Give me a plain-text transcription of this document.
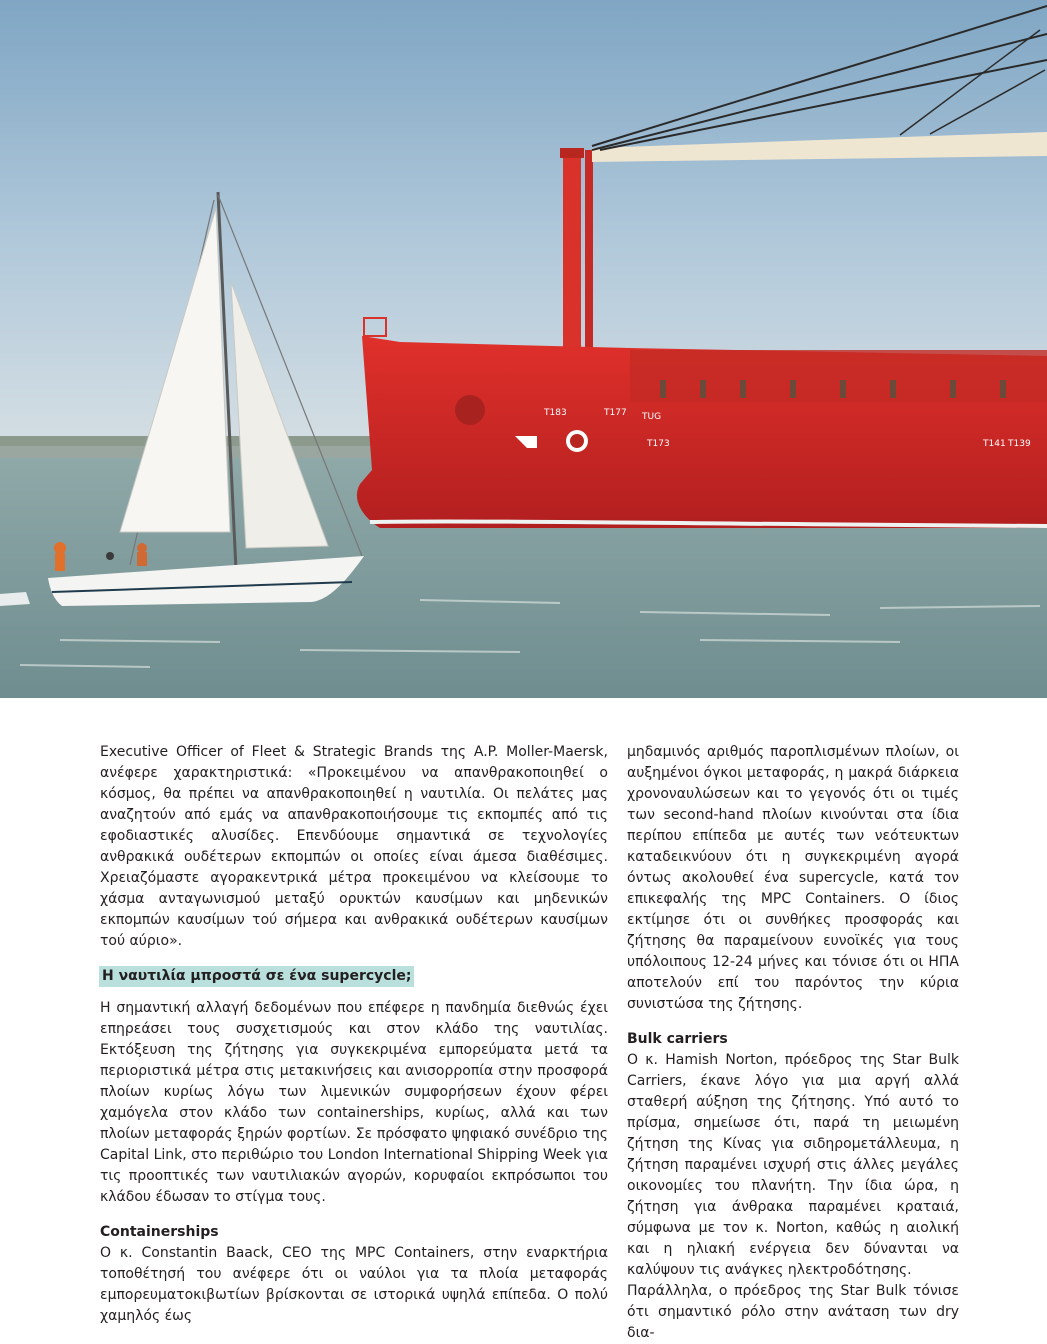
T183	T177 TUG
T173	T141 T139

Executive Officer of Fleet & Strategic Brands της A.P. Moller-Maersk, ανέφερε χαρακτηριστικά: «Προκειμένου να απανθρακοποιηθεί ο κόσμος, θα πρέπει να απανθρακοποιηθεί η ναυτιλία. Οι πελάτες μας αναζητούν από εμάς να απανθρακοποιήσουμε τις εκπομπές από τις εφοδιαστικές αλυσίδες. Επενδύουμε σημαντικά σε τεχνολογίες ανθρακικά ουδέτερων εκπομπών οι οποίες είναι άμεσα διαθέσιμες. Χρειαζόμαστε αγορακεντρικά μέτρα προκειμένου να κλείσουμε το χάσμα ανταγωνισμού μεταξύ ορυκτών καυσίμων και μηδενικών εκπομπών καυσίμων τού σήμερα και ανθρακικά ουδέτερων καυσίμων τού αύριο».

Η ναυτιλία μπροστά σε ένα supercycle;

Η σημαντική αλλαγή δεδομένων που επέφερε η πανδημία διεθνώς έχει επηρεάσει τους συσχετισμούς και στον κλάδο της ναυτιλίας. Εκτόξευση της ζήτησης για συγκεκριμένα εμπορεύματα μετά τα περιοριστικά μέτρα στις μετακινήσεις και ανισορροπία στην προσφορά πλοίων κυρίως λόγω των λιμενικών συμφορήσεων έχουν φέρει χαμόγελα στον κλάδο των containerships, κυρίως, αλλά και των πλοίων μεταφοράς ξηρών φορτίων. Σε πρόσφατο ψηφιακό συνέδριο της Capital Link, στο περιθώριο του London International Shipping Week για τις προοπτικές των ναυτιλιακών αγορών, κορυφαίοι εκπρόσωποι του κλάδου έδωσαν το στίγμα τους.

Containerships

Ο κ. Constantin Baack, CEO της MPC Containers, στην εναρκτήρια τοποθέτησή του ανέφερε ότι οι ναύλοι για τα πλοία μεταφοράς εμπορευματοκιβωτίων βρίσκονται σε ιστορικά υψηλά επίπεδα. Ο πολύ χαμηλός έως

μηδαμινός αριθμός παροπλισμένων πλοίων, οι αυξημένοι όγκοι μεταφοράς, η μακρά διάρκεια χρονοναυλώσεων και το γεγονός ότι οι τιμές των second-hand πλοίων κινούνται στα ίδια περίπου επίπεδα με αυτές των νεότευκτων καταδεικνύουν ότι η συγκεκριμένη αγορά όντως ακολουθεί ένα supercycle, κατά τον επικεφαλής της MPC Containers. Ο ίδιος εκτίμησε ότι οι συνθήκες προσφοράς και ζήτησης θα παραμείνουν ευνοϊκές για τους υπόλοιπους 12-24 μήνες και τόνισε ότι οι ΗΠΑ αποτελούν επί του παρόντος την κύρια συνιστώσα της ζήτησης.

Bulk carriers

Ο κ. Hamish Norton, πρόεδρος της Star Bulk Carriers, έκανε λόγο για μια αργή αλλά σταθερή αύξηση της ζήτησης. Υπό αυτό το πρίσμα, σημείωσε ότι, παρά τη μειωμένη ζήτηση της Κίνας για σιδηρομετάλλευμα, η ζήτηση παραμένει ισχυρή στις άλλες μεγάλες οικονομίες του πλανήτη. Την ίδια ώρα, η ζήτηση για άνθρακα παραμένει κραταιά, σύμφωνα με τον κ. Norton, καθώς η αιολική και η ηλιακή ενέργεια δεν δύνανται να καλύψουν τις ανάγκες ηλεκτροδότησης.

Παράλληλα, ο πρόεδρος της Star Bulk τόνισε ότι σημαντικό ρόλο στην ανάταση των dry δια-
